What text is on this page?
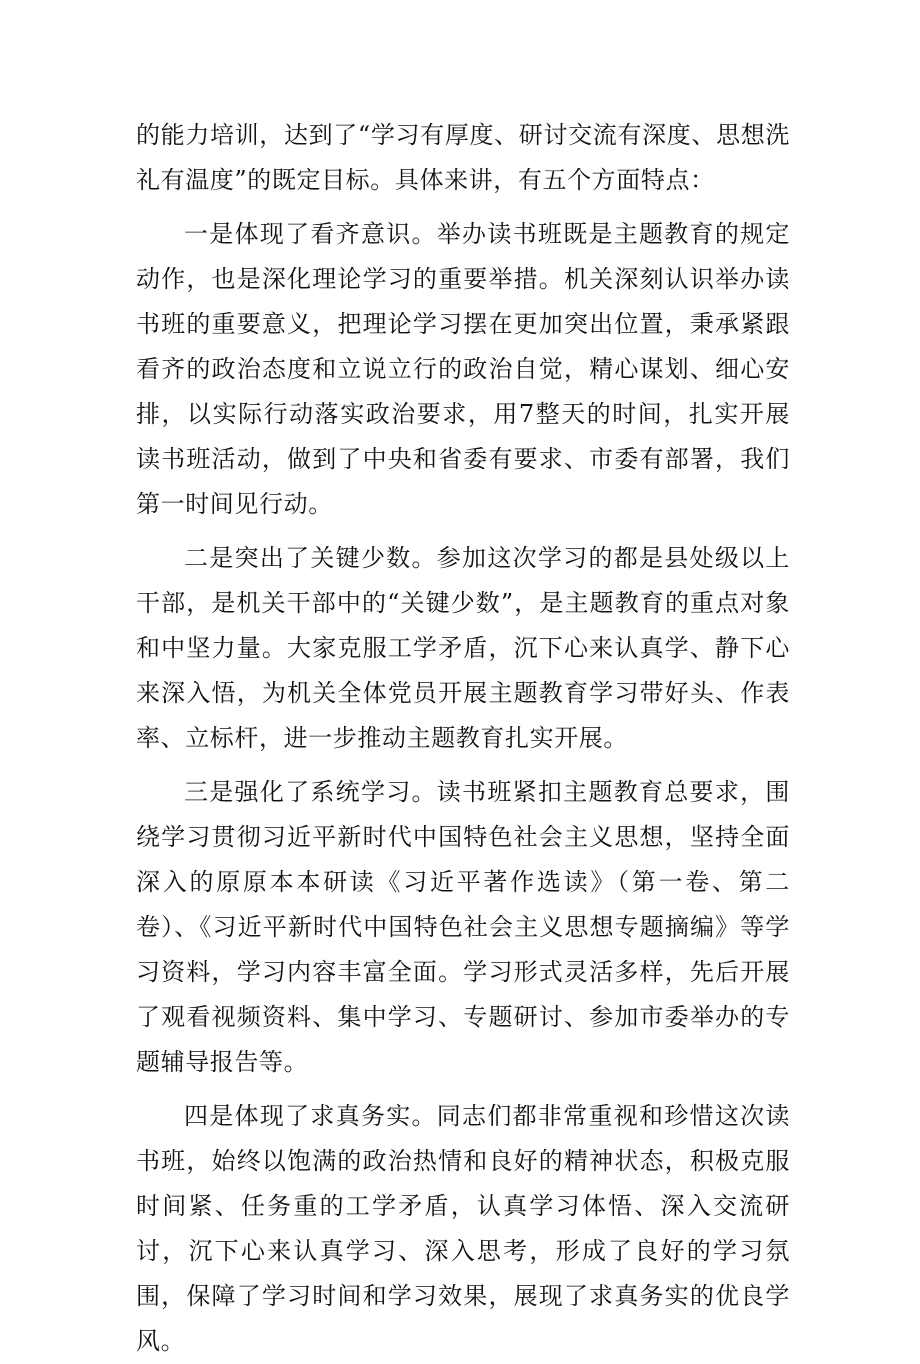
的能力培训，达到了“学习有厚度、研讨交流有深度、思想洗礼有温度”的既定目标。具体来讲，有五个方面特点：

一是体现了看齐意识。举办读书班既是主题教育的规定动作，也是深化理论学习的重要举措。机关深刻认识举办读书班的重要意义，把理论学习摆在更加突出位置，秉承紧跟看齐的政治态度和立说立行的政治自觉，精心谋划、细心安排，以实际行动落实政治要求，用7整天的时间，扎实开展读书班活动，做到了中央和省委有要求、市委有部署，我们第一时间见行动。

二是突出了关键少数。参加这次学习的都是县处级以上干部，是机关干部中的“关键少数”，是主题教育的重点对象和中坚力量。大家克服工学矛盾，沉下心来认真学、静下心来深入悟，为机关全体党员开展主题教育学习带好头、作表率、立标杆，进一步推动主题教育扎实开展。

三是强化了系统学习。读书班紧扣主题教育总要求，围绕学习贯彻习近平新时代中国特色社会主义思想，坚持全面深入的原原本本研读《习近平著作选读》（第一卷、第二卷）、《习近平新时代中国特色社会主义思想专题摘编》等学习资料，学习内容丰富全面。学习形式灵活多样，先后开展了观看视频资料、集中学习、专题研讨、参加市委举办的专题辅导报告等。

四是体现了求真务实。同志们都非常重视和珍惜这次读书班，始终以饱满的政治热情和良好的精神状态，积极克服时间紧、任务重的工学矛盾，认真学习体悟、深入交流研讨，沉下心来认真学习、深入思考，形成了良好的学习氛围，保障了学习时间和学习效果，展现了求真务实的优良学风。
